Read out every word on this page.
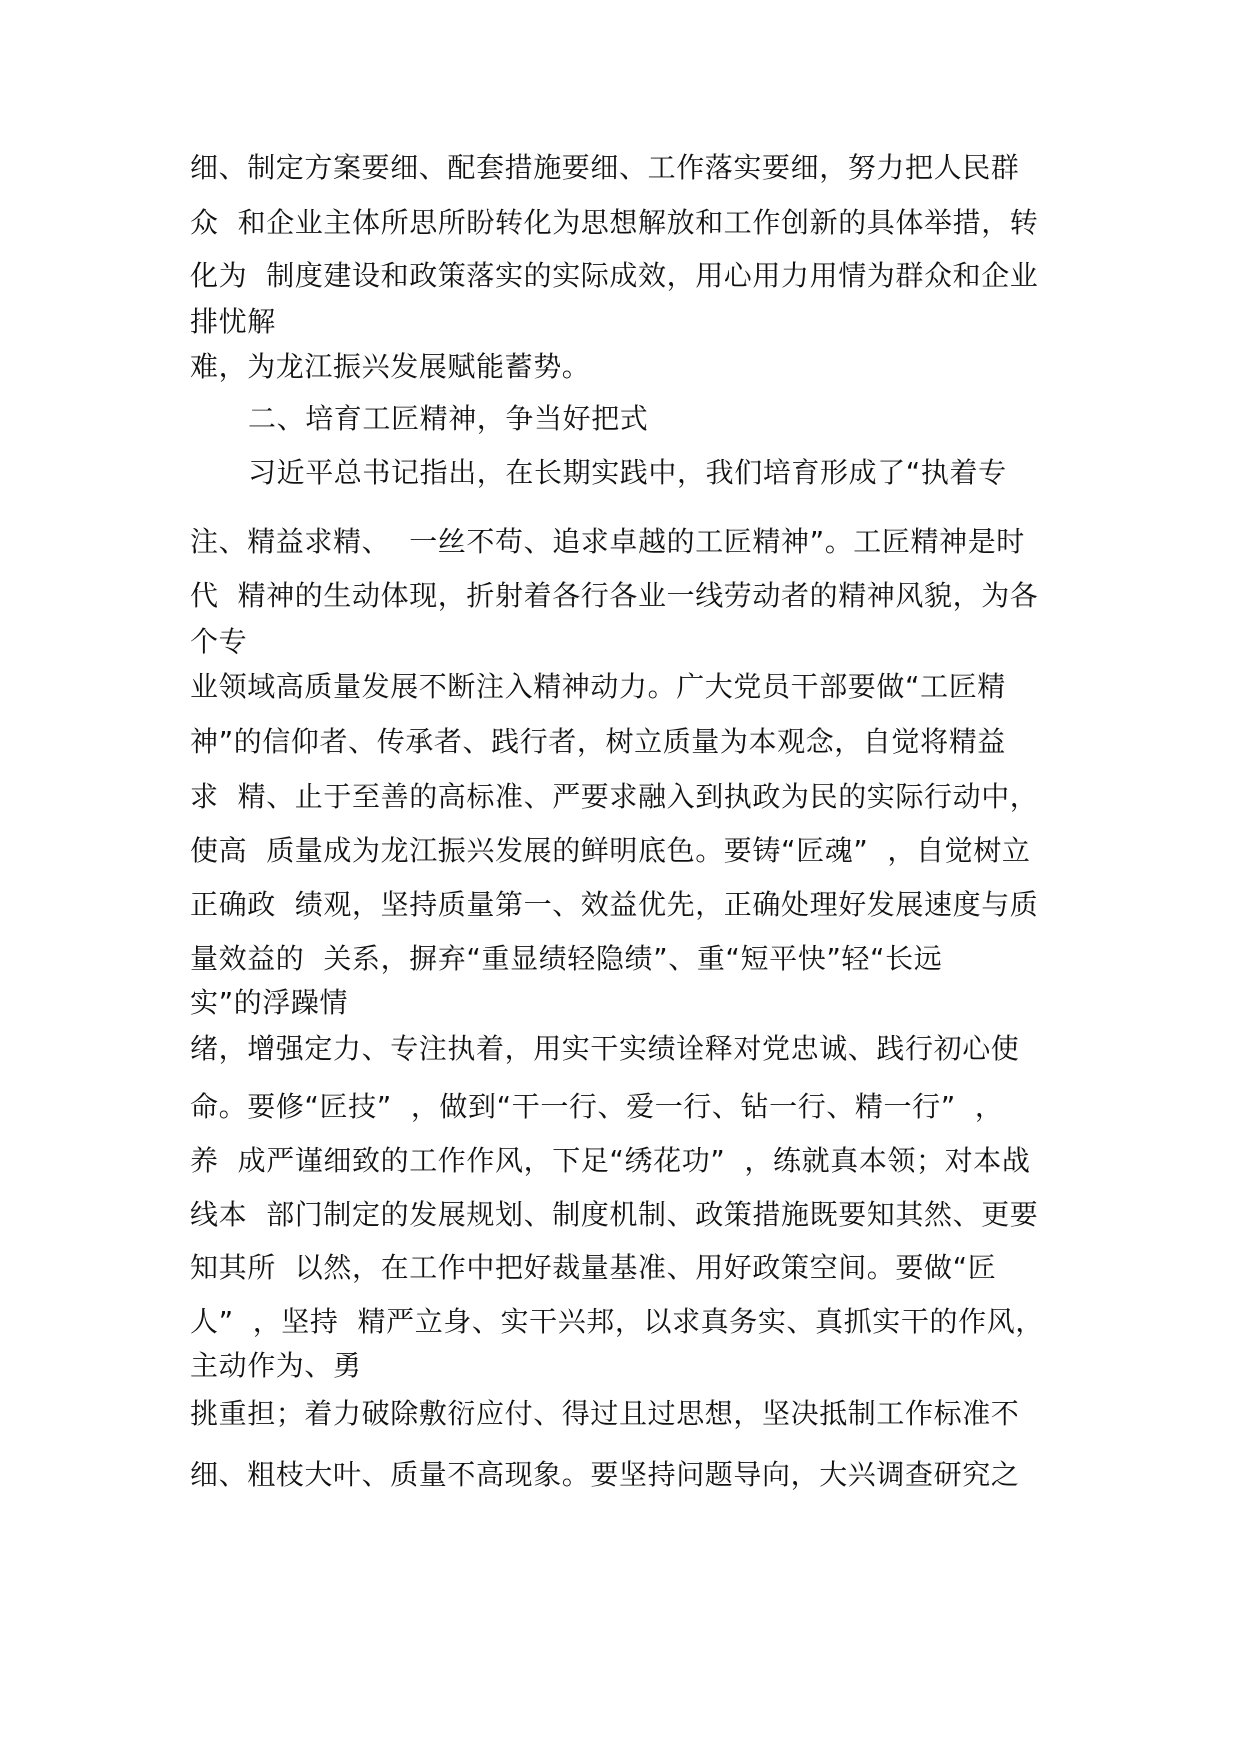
细、制定方案要细、配套措施要细、工作落实要细，努力把人民群
众  和企业主体所思所盼转化为思想解放和工作创新的具体举措，转
化为  制度建设和政策落实的实际成效，用心用力用情为群众和企业
排忧解
难，为龙江振兴发展赋能蓄势。
二、培育工匠精神，争当好把式
习近平总书记指出，在长期实践中，我们培育形成了“执着专
注、精益求精、  一丝不苟、追求卓越的工匠精神”。工匠精神是时
代  精神的生动体现，折射着各行各业一线劳动者的精神风貌，为各
个专
业领域高质量发展不断注入精神动力。广大党员干部要做“工匠精
神”的信仰者、传承者、践行者，树立质量为本观念，自觉将精益
求  精、止于至善的高标准、严要求融入到执政为民的实际行动中，
使高  质量成为龙江振兴发展的鲜明底色。要铸“匠魂”  ，自觉树立
正确政  绩观，坚持质量第一、效益优先，正确处理好发展速度与质
量效益的  关系，摒弃“重显绩轻隐绩”、重“短平快”轻“长远
实”的浮躁情
绪，增强定力、专注执着，用实干实绩诠释对党忠诚、践行初心使
命。要修“匠技”  ，做到“干一行、爱一行、钻一行、精一行”  ，
养  成严谨细致的工作作风，下足“绣花功”  ，练就真本领；对本战
线本  部门制定的发展规划、制度机制、政策措施既要知其然、更要
知其所  以然，在工作中把好裁量基准、用好政策空间。要做“匠
人”  ，坚持  精严立身、实干兴邦，以求真务实、真抓实干的作风，
主动作为、勇
挑重担；着力破除敷衍应付、得过且过思想，坚决抵制工作标准不
细、粗枝大叶、质量不高现象。要坚持问题导向，大兴调查研究之
